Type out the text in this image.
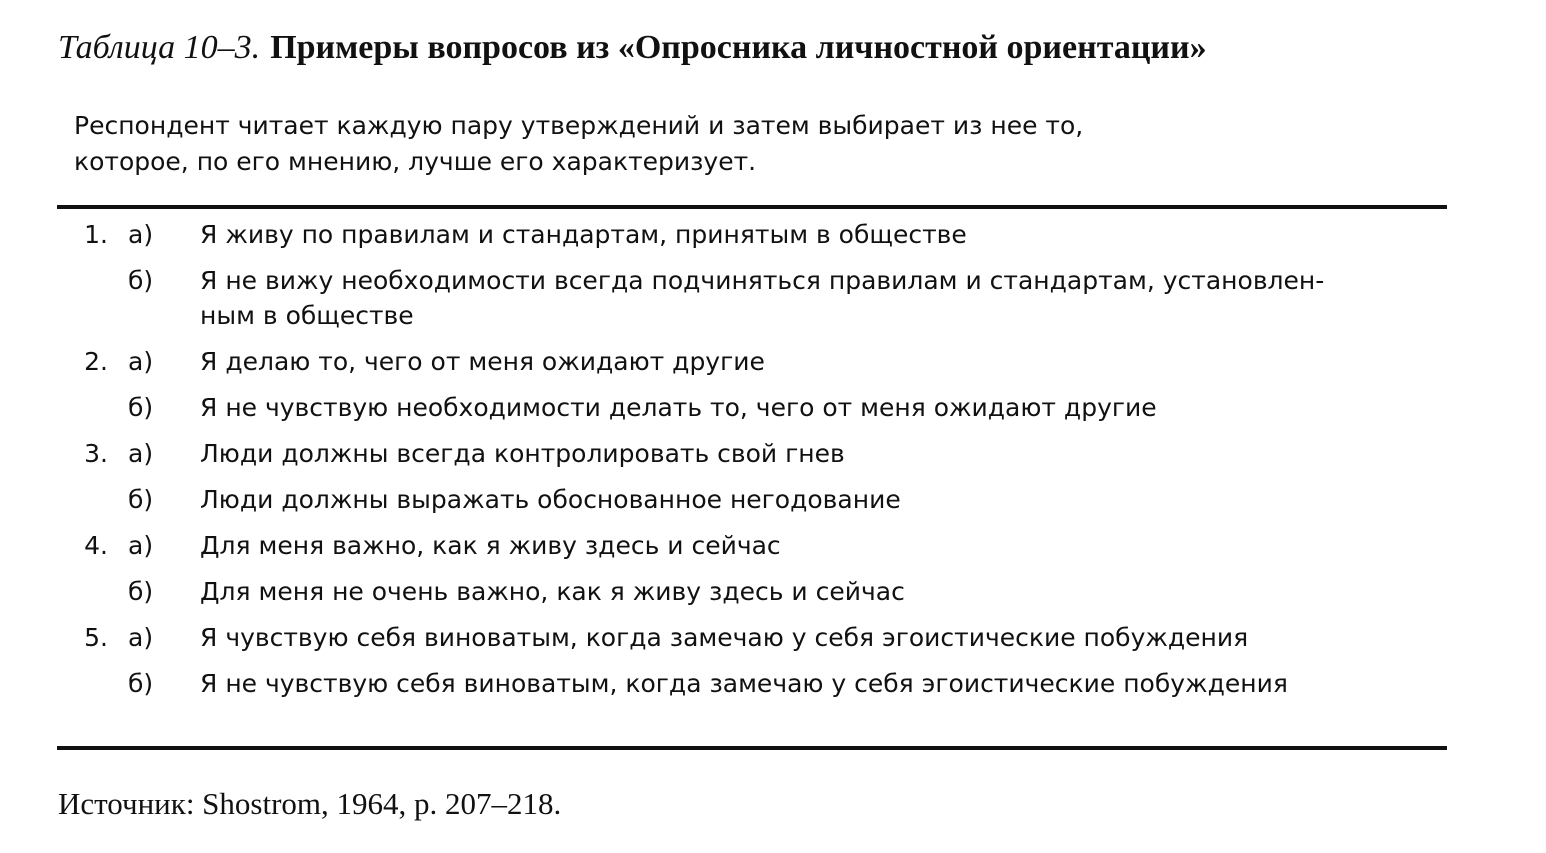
Таблица 10–3. Примеры вопросов из «Опросника личностной ориентации»
Респондент читает каждую пару утверждений и затем выбирает из нее то,
которое, по его мнению, лучше его характеризует.
1. а)	Я живу по правилам и стандартам, принятым в обществе
б)	Я не вижу необходимости всегда подчиняться правилам и стандартам, установлен-
ным в обществе
2. а)	Я делаю то, чего от меня ожидают другие
б)	Я не чувствую необходимости делать то, чего от меня ожидают другие
3. а)	Люди должны всегда контролировать свой гнев
б)	Люди должны выражать обоснованное негодование
4. а)	Для меня важно, как я живу здесь и сейчас
б)	Для меня не очень важно, как я живу здесь и сейчас
5. а)	Я чувствую себя виноватым, когда замечаю у себя эгоистические побуждения
б)	Я не чувствую себя виноватым, когда замечаю у себя эгоистические побуждения
Источник: Shostrom, 1964, p. 207–218.
